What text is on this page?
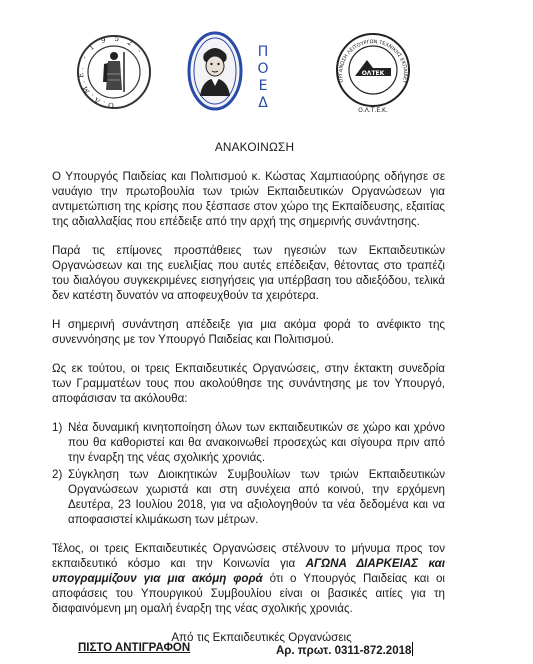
Ο.Λ.Μ.Ε. - 1 9 5 2 -	Π
Ο
Ε
Δ
ΟΡΓΑΝΩΣΗ ΛΕΙΤΟΥΡΓΩΝ ΤΕΧΝΙΚΗΣ ΕΚΠΑΙΔΕΥ
ΟΛΤΕΚ
Ο.Λ.Τ.Ε.Κ.
ΑΝΑΚΟΙΝΩΣΗ
Ο Υπουργός Παιδείας και Πολιτισμού κ. Κώστας Χαμπιαούρης οδήγησε σε ναυάγιο την πρωτοβουλία των τριών Εκπαιδευτικών Οργανώσεων για αντιμετώπιση της κρίσης που ξέσπασε στον χώρο της Εκπαίδευσης, εξαιτίας της αδιαλλαξίας που επέδειξε από την αρχή της σημερινής συνάντησης.
Παρά τις επίμονες προσπάθειες των ηγεσιών των Εκπαιδευτικών Οργανώσεων και της ευελιξίας που αυτές επέδειξαν, θέτοντας στο τραπέζι του διαλόγου συγκεκριμένες εισηγήσεις για υπέρβαση του αδιεξόδου, τελικά δεν κατέστη δυνατόν να αποφευχθούν τα χειρότερα.
Η σημερινή συνάντηση απέδειξε για μια ακόμα φορά το ανέφικτο της συνεννόησης με τον Υπουργό Παιδείας και Πολιτισμού.
Ως εκ τούτου, οι τρεις Εκπαιδευτικές Οργανώσεις, στην έκτακτη συνεδρία των Γραμματέων τους που ακολούθησε της συνάντησης με τον Υπουργό, αποφάσισαν τα ακόλουθα:
1) Νέα δυναμική κινητοποίηση όλων των εκπαιδευτικών σε χώρο και χρόνο που θα καθοριστεί και θα ανακοινωθεί προσεχώς και σίγουρα πριν από την έναρξη της νέας σχολικής χρονιάς.
2) Σύγκληση των Διοικητικών Συμβουλίων των τριών Εκπαιδευτικών Οργανώσεων χωριστά και στη συνέχεια από κοινού, την ερχόμενη Δευτέρα, 23 Ιουλίου 2018, για να αξιολογηθούν τα νέα δεδομένα και να αποφασιστεί κλιμάκωση των μέτρων.
Τέλος, οι τρεις Εκπαιδευτικές Οργανώσεις στέλνουν το μήνυμα προς τον εκπαιδευτικό κόσμο και την Κοινωνία για ΑΓΩΝΑ ΔΙΑΡΚΕΙΑΣ και υπογραμμίζουν για μια ακόμη φορά ότι ο Υπουργός Παιδείας και οι αποφάσεις του Υπουργικού Συμβουλίου είναι οι βασικές αιτίες για τη διαφαινόμενη μη ομαλή έναρξη της νέας σχολικής χρονιάς.
Από τις Εκπαιδευτικές Οργανώσεις
ΠΙΣΤΟ ΑΝΤΙΓΡΑΦΟΝ	Αρ. πρωτ. 0311-872.2018
